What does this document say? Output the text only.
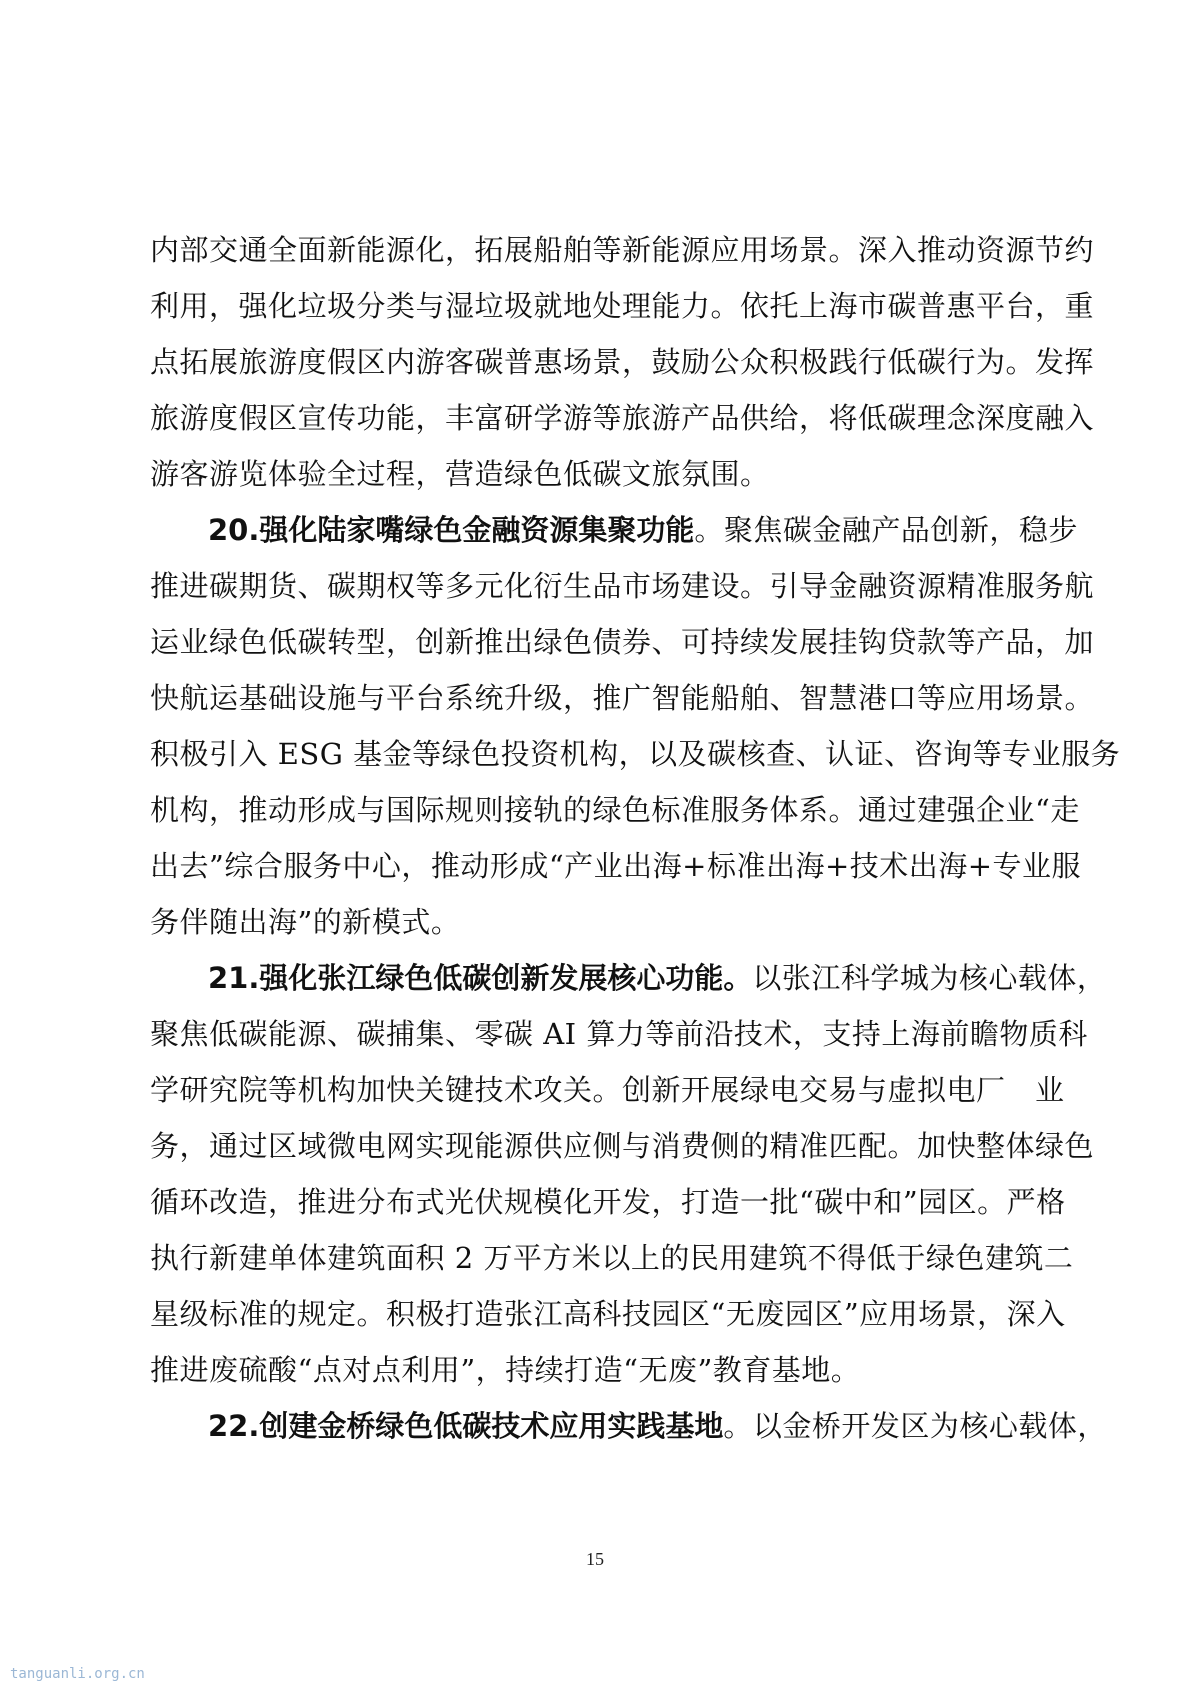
内部交通全面新能源化，拓展船舶等新能源应用场景。深入推动资源节约
利用，强化垃圾分类与湿垃圾就地处理能力。依托上海市碳普惠平台，重
点拓展旅游度假区内游客碳普惠场景，鼓励公众积极践行低碳行为。发挥
旅游度假区宣传功能，丰富研学游等旅游产品供给，将低碳理念深度融入
游客游览体验全过程，营造绿色低碳文旅氛围。
20.强化陆家嘴绿色金融资源集聚功能。聚焦碳金融产品创新，稳步
推进碳期货、碳期权等多元化衍生品市场建设。引导金融资源精准服务航
运业绿色低碳转型，创新推出绿色债券、可持续发展挂钩贷款等产品，加
快航运基础设施与平台系统升级，推广智能船舶、智慧港口等应用场景。
积极引入 ESG 基金等绿色投资机构，以及碳核查、认证、咨询等专业服务
机构，推动形成与国际规则接轨的绿色标准服务体系。通过建强企业“走
出去”综合服务中心，推动形成“产业出海+标准出海+技术出海+专业服
务伴随出海”的新模式。
21.强化张江绿色低碳创新发展核心功能。以张江科学城为核心载体，
聚焦低碳能源、碳捕集、零碳 AI 算力等前沿技术，支持上海前瞻物质科
学研究院等机构加快关键技术攻关。创新开展绿电交易与虚拟电厂　业
务，通过区域微电网实现能源供应侧与消费侧的精准匹配。加快整体绿色
循环改造，推进分布式光伏规模化开发，打造一批“碳中和”园区。严格
执行新建单体建筑面积 2 万平方米以上的民用建筑不得低于绿色建筑二
星级标准的规定。积极打造张江高科技园区“无废园区”应用场景，深入
推进废硫酸“点对点利用”，持续打造“无废”教育基地。
22.创建金桥绿色低碳技术应用实践基地。以金桥开发区为核心载体，
15
tanguanli.org.cn
